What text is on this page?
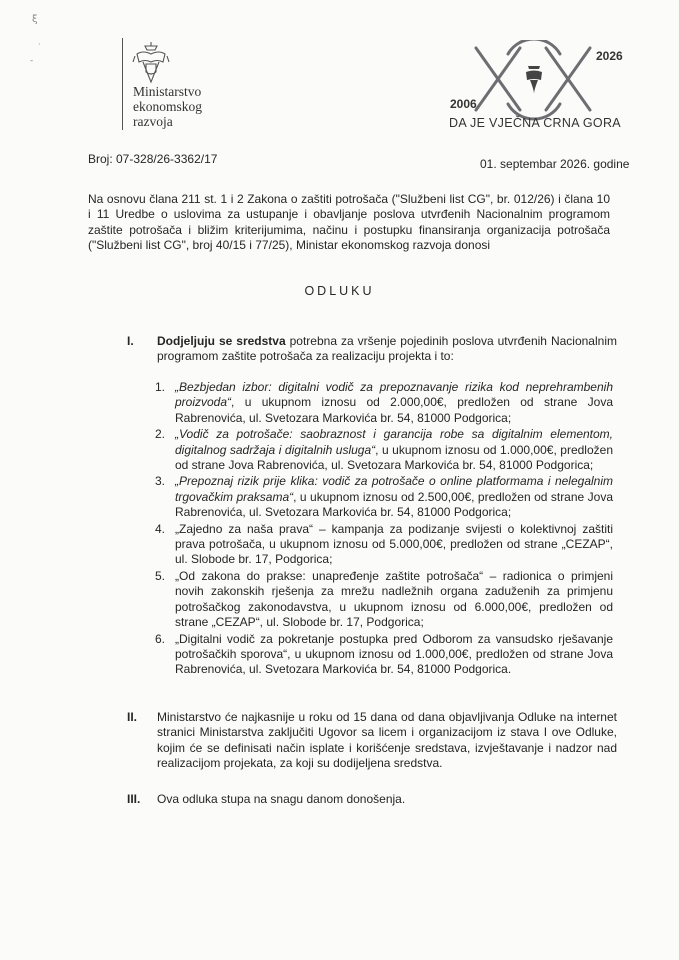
ξ
·
-
Ministarstvo
ekonomskog
razvoja
2026
2006
DA JE VJEČNA CRNA GORA
Broj: 07-328/26-3362/17	01. septembar 2026. godine
Na osnovu člana 211 st. 1 i 2 Zakona o zaštiti potrošača ("Službeni list CG", br. 012/26) i člana 10 i 11 Uredbe o uslovima za ustupanje i obavljanje poslova utvrđenih Nacionalnim programom zaštite potrošača i bližim kriterijumima, načinu i postupku finansiranja organizacija potrošača ("Službeni list CG", broj 40/15 i 77/25), Ministar ekonomskog razvoja donosi
ODLUKU
I. Dodjeljuju se sredstva potrebna za vršenje pojedinih poslova utvrđenih Nacionalnim programom zaštite potrošača za realizaciju projekta i to:
1. „Bezbjedan izbor: digitalni vodič za prepoznavanje rizika kod neprehrambenih proizvoda“, u ukupnom iznosu od 2.000,00€, predložen od strane Jova Rabrenovića, ul. Svetozara Markovića br. 54, 81000 Podgorica;
2. „Vodič za potrošače: saobraznost i garancija robe sa digitalnim elementom, digitalnog sadržaja i digitalnih usluga“, u ukupnom iznosu od 1.000,00€, predložen od strane Jova Rabrenovića, ul. Svetozara Markovića br. 54, 81000 Podgorica;
3. „Prepoznaj rizik prije klika: vodič za potrošače o online platformama i nelegalnim trgovačkim praksama“, u ukupnom iznosu od 2.500,00€, predložen od strane Jova Rabrenovića, ul. Svetozara Markovića br. 54, 81000 Podgorica;
4. „Zajedno za naša prava“ – kampanja za podizanje svijesti o kolektivnoj zaštiti prava potrošača, u ukupnom iznosu od 5.000,00€, predložen od strane „CEZAP“, ul. Slobode br. 17, Podgorica;
5. „Od zakona do prakse: unapređenje zaštite potrošača“ – radionica o primjeni novih zakonskih rješenja za mrežu nadležnih organa zaduženih za primjenu potrošačkog zakonodavstva, u ukupnom iznosu od 6.000,00€, predložen od strane „CEZAP“, ul. Slobode br. 17, Podgorica;
6. „Digitalni vodič za pokretanje postupka pred Odborom za vansudsko rješavanje potrošačkih sporova“, u ukupnom iznosu od 1.000,00€, predložen od strane Jova Rabrenovića, ul. Svetozara Markovića br. 54, 81000 Podgorica.
II. Ministarstvo će najkasnije u roku od 15 dana od dana objavljivanja Odluke na internet stranici Ministarstva zaključiti Ugovor sa licem i organizacijom iz stava I ove Odluke, kojim će se definisati način isplate i korišćenje sredstava, izvještavanje i nadzor nad realizacijom projekata, za koji su dodijeljena sredstva.
III. Ova odluka stupa na snagu danom donošenja.
